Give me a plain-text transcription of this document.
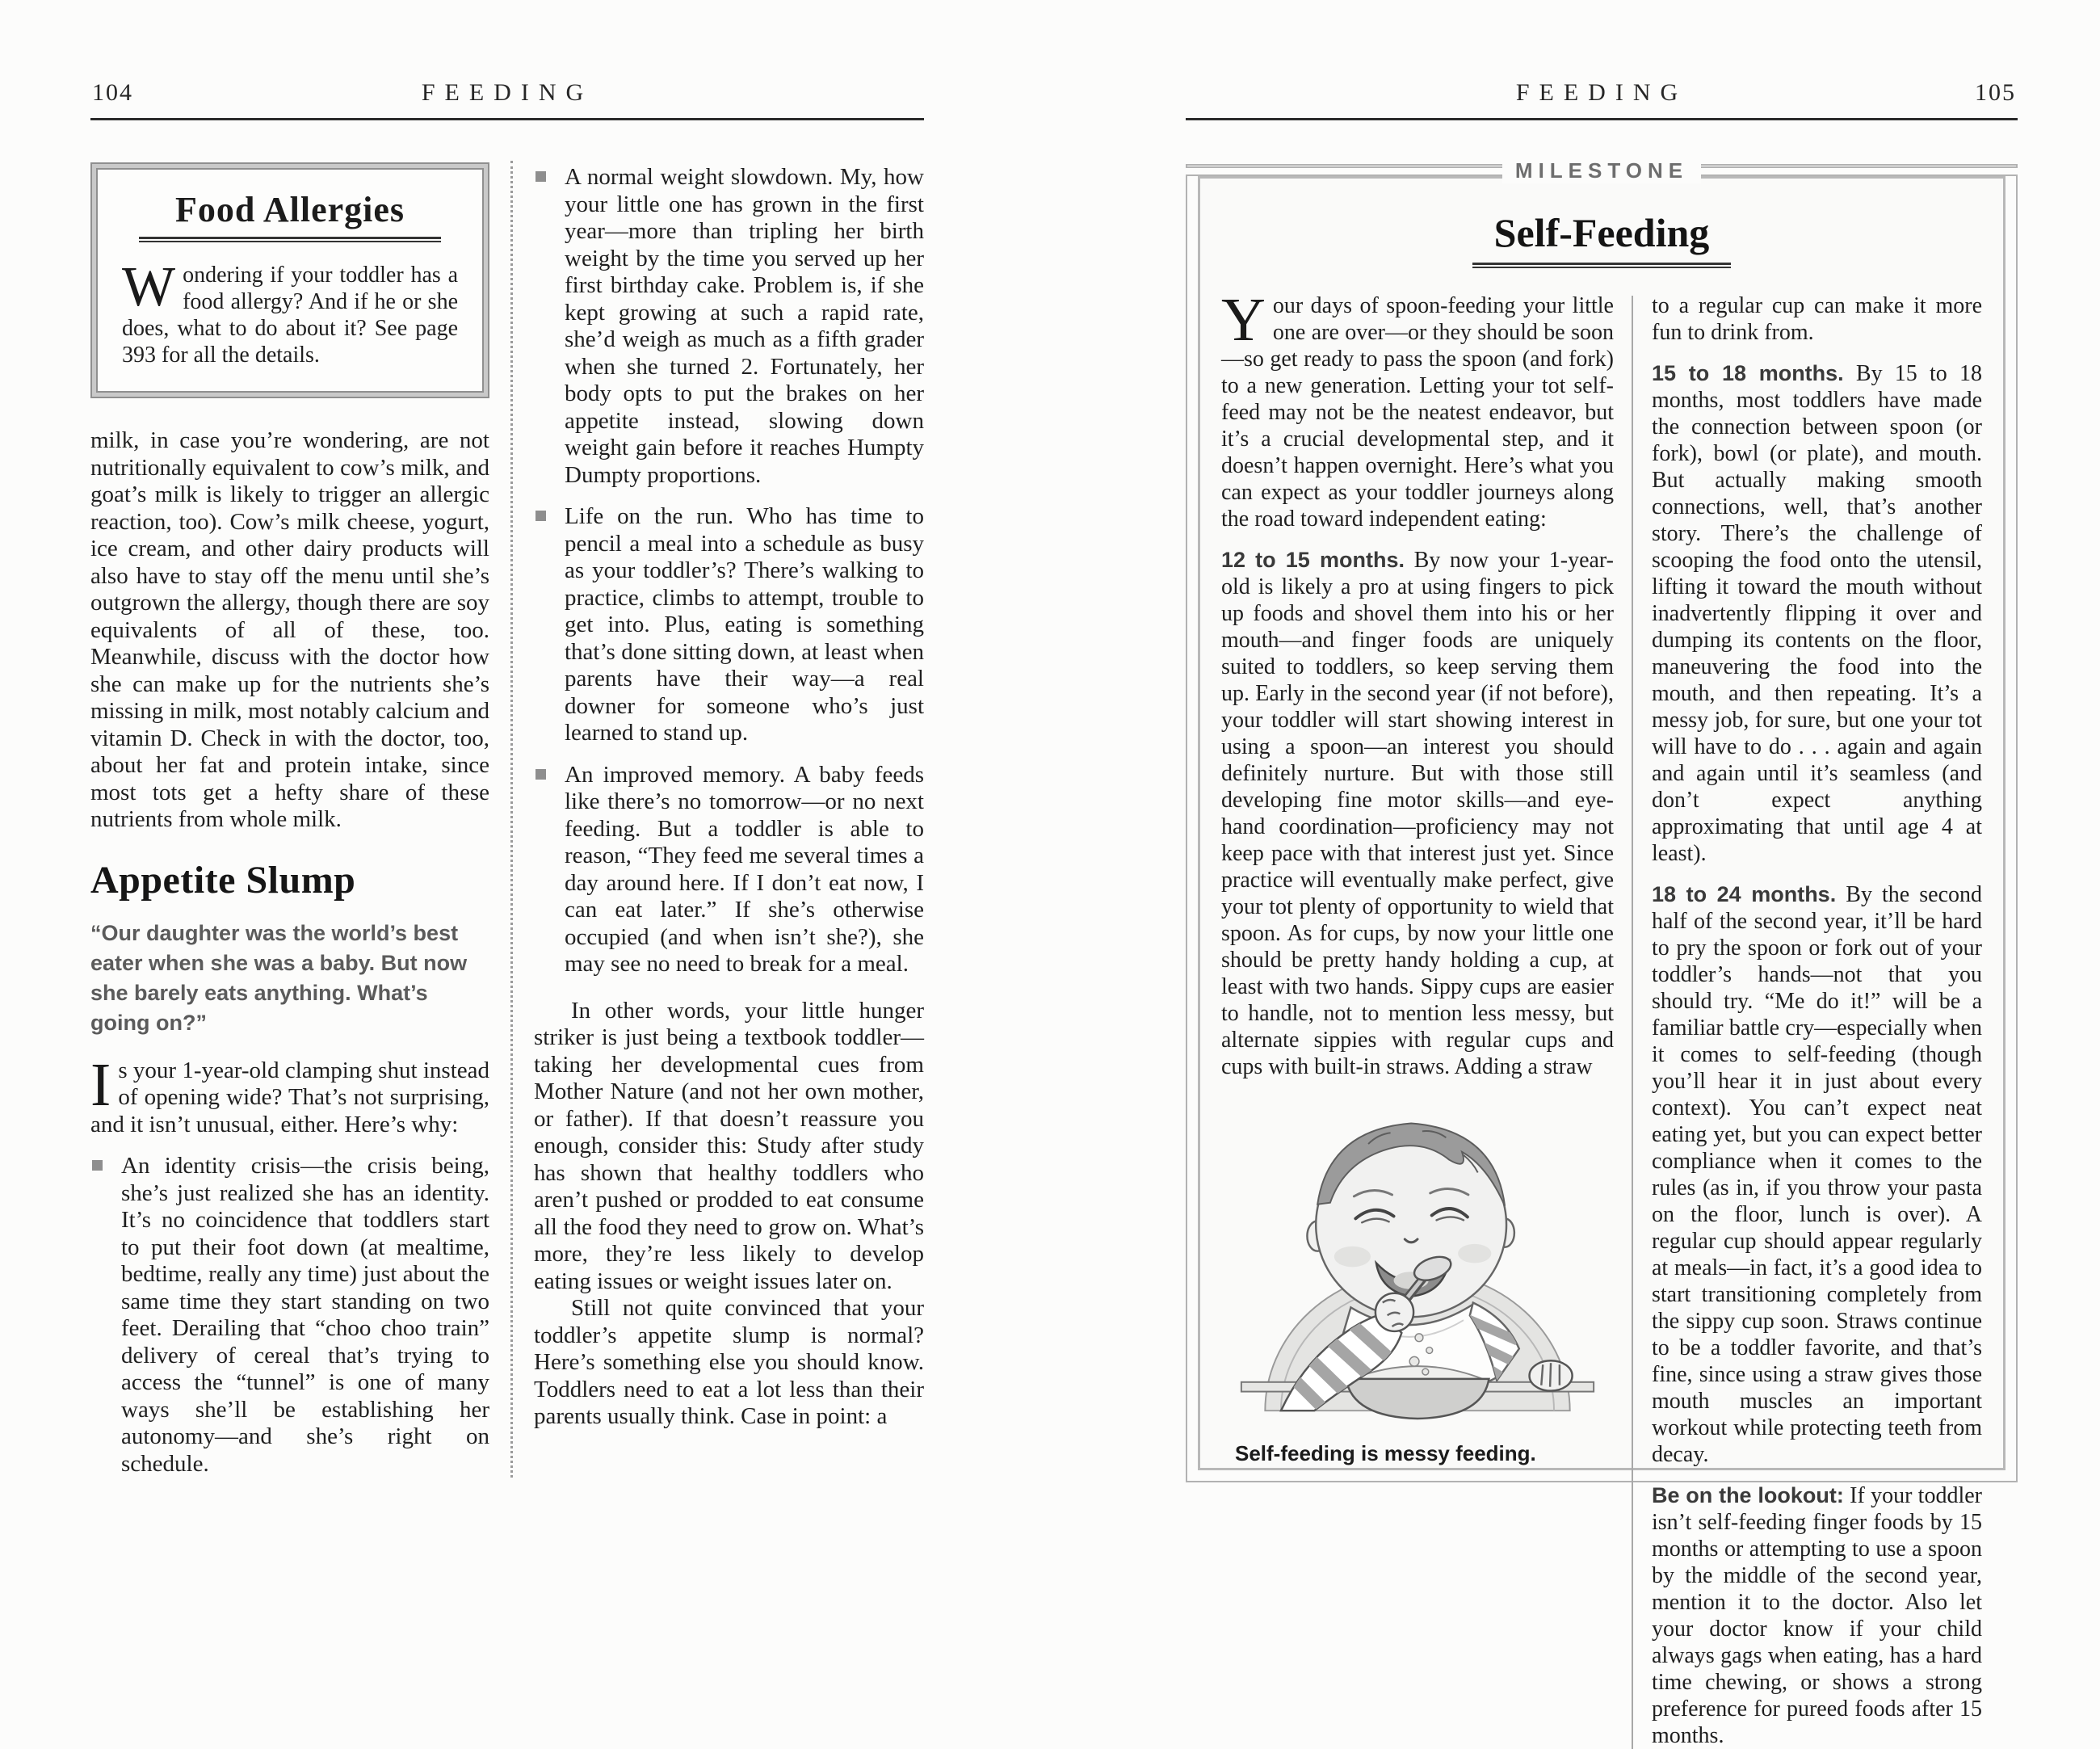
104	FEEDING
Food Allergies

Wondering if your toddler has a food allergy? And if he or she does, what to do about it? See page 393 for all the details.

milk, in case you’re wondering, are not nutritionally equivalent to cow’s milk, and goat’s milk is likely to trigger an allergic reaction, too). Cow’s milk cheese, yogurt, ice cream, and other dairy products will also have to stay off the menu until she’s outgrown the allergy, though there are soy equivalents of all of these, too. Meanwhile, discuss with the doctor how she can make up for the nutrients she’s missing in milk, most notably calcium and vitamin D. Check in with the doctor, too, about her fat and protein intake, since most tots get a hefty share of these nutrients from whole milk.

Appetite Slump

“Our daughter was the world’s best eater when she was a baby. But now she barely eats anything. What’s going on?”

Is your 1-year-old clamping shut instead of opening wide? That’s not surprising, and it isn’t unusual, either. Here’s why:

An identity crisis—the crisis being, she’s just realized she has an identity. It’s no coincidence that toddlers start to put their foot down (at mealtime, bedtime, really any time) just about the same time they start standing on two feet. Derailing that “choo choo train” delivery of cereal that’s trying to access the “tunnel” is one of many ways she’ll be establishing her autonomy—and she’s right on schedule.

A normal weight slowdown. My, how your little one has grown in the first year—more than tripling her birth weight by the time you served up her first birthday cake. Problem is, if she kept growing at such a rapid rate, she’d weigh as much as a fifth grader when she turned 2. Fortunately, her body opts to put the brakes on her appetite instead, slowing down weight gain before it reaches Humpty Dumpty proportions.

Life on the run. Who has time to pencil a meal into a schedule as busy as your toddler’s? There’s walking to practice, climbs to attempt, trouble to get into. Plus, eating is something that’s done sitting down, at least when parents have their way—a real downer for someone who’s just learned to stand up.

An improved memory. A baby feeds like there’s no tomorrow—or no next feeding. But a toddler is able to reason, “They feed me several times a day around here. If I don’t eat now, I can eat later.” If she’s otherwise occupied (and when isn’t she?), she may see no need to break for a meal.

In other words, your little hunger striker is just being a textbook toddler—taking her developmental cues from Mother Nature (and not her own mother, or father). If that doesn’t reassure you enough, consider this: Study after study has shown that healthy toddlers who aren’t pushed or prodded to eat consume all the food they need to grow on. What’s more, they’re less likely to develop eating issues or weight issues later on.

Still not quite convinced that your toddler’s appetite slump is normal? Here’s something else you should know. Toddlers need to eat a lot less than their parents usually think. Case in point: a

FEEDING	105
MILESTONE
Self-Feeding

Your days of spoon-feeding your little one are over—or they should be soon—so get ready to pass the spoon (and fork) to a new generation. Letting your tot self-feed may not be the neatest endeavor, but it’s a crucial developmental step, and it doesn’t happen overnight. Here’s what you can expect as your toddler journeys along the road toward independent eating:

12 to 15 months. By now your 1-year-old is likely a pro at using fingers to pick up foods and shovel them into his or her mouth—and finger foods are uniquely suited to toddlers, so keep serving them up. Early in the second year (if not before), your toddler will start showing interest in using a spoon—an interest you should definitely nurture. But with those still developing fine motor skills—and eye-hand coordination—proficiency may not keep pace with that interest just yet. Since practice will eventually make perfect, give your tot plenty of opportunity to wield that spoon. As for cups, by now your little one should be pretty handy holding a cup, at least with two hands. Sippy cups are easier to handle, not to mention less messy, but alternate sippies with regular cups and cups with built-in straws. Adding a straw

Self-feeding is messy feeding.

to a regular cup can make it more fun to drink from.

15 to 18 months. By 15 to 18 months, most toddlers have made the connection between spoon (or fork), bowl (or plate), and mouth. But actually making smooth connections, well, that’s another story. There’s the challenge of scooping the food onto the utensil, lifting it toward the mouth without inadvertently flipping it over and dumping its contents on the floor, maneuvering the food into the mouth, and then repeating. It’s a messy job, for sure, but one your tot will have to do . . . again and again and again until it’s seamless (and don’t expect anything approximating that until age 4 at least).

18 to 24 months. By the second half of the second year, it’ll be hard to pry the spoon or fork out of your toddler’s hands—not that you should try. “Me do it!” will be a familiar battle cry—especially when it comes to self-feeding (though you’ll hear it in just about every context). You can’t expect neat eating yet, but you can expect better compliance when it comes to the rules (as in, if you throw your pasta on the floor, lunch is over). A regular cup should appear regularly at meals—in fact, it’s a good idea to start transitioning completely from the sippy cup soon. Straws continue to be a toddler favorite, and that’s fine, since using a straw gives those mouth muscles an important workout while protecting teeth from decay.

Be on the lookout: If your toddler isn’t self-feeding finger foods by 15 months or attempting to use a spoon by the middle of the second year, mention it to the doctor. Also let your doctor know if your child always gags when eating, has a hard time chewing, or shows a strong preference for pureed foods after 15 months.
